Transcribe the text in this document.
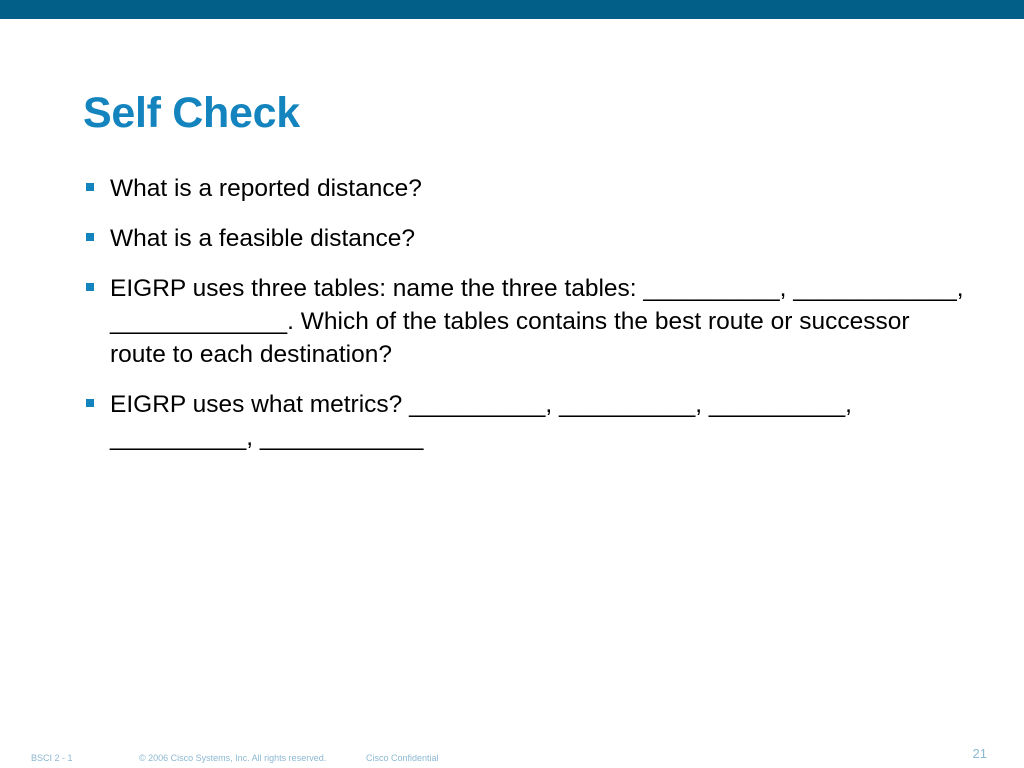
Self Check
What is a reported distance?
What is a feasible distance?
EIGRP uses three tables: name the three tables: __________, ____________, _____________. Which of the tables contains the best route or successor route to each destination?
EIGRP uses what metrics? __________, __________, __________, __________, ____________
BSCI 2 - 1	© 2006 Cisco Systems, Inc. All rights reserved.	Cisco Confidential	21
